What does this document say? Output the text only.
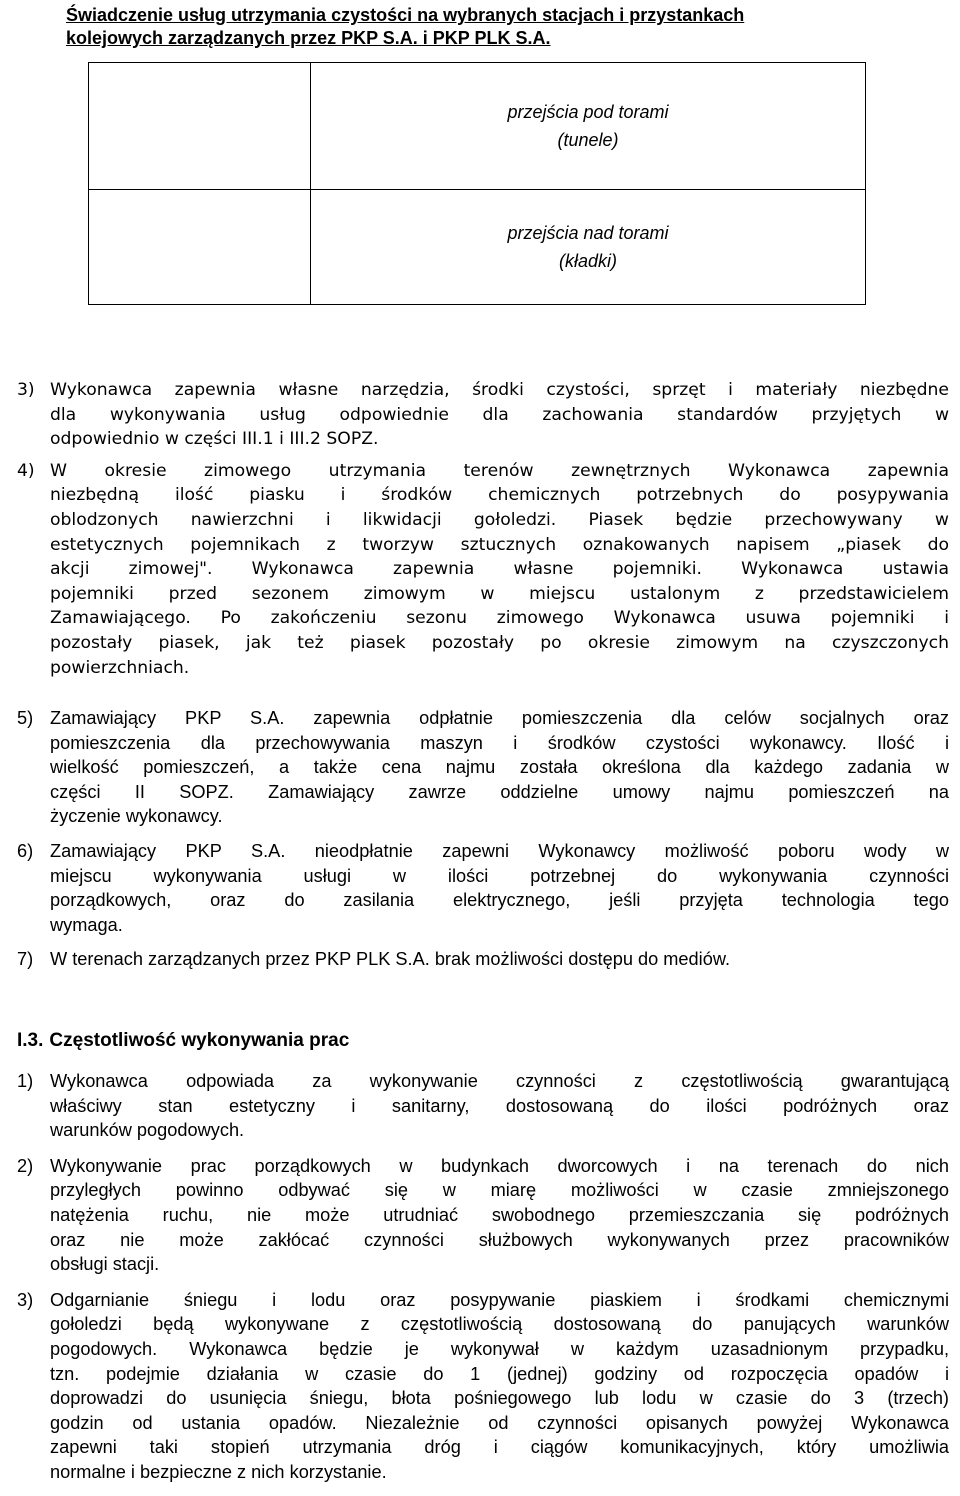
Świadczenie usług utrzymania czystości na wybranych stacjach i przystankach
kolejowych zarządzanych przez PKP S.A. i PKP PLK S.A.

	przejścia pod torami
(tunele)

	przejścia nad torami
(kładki)
3) Wykonawca zapewnia własne narzędzia, środki czystości, sprzęt i materiały niezbędne
dla wykonywania usług odpowiednie dla zachowania standardów przyjętych w
odpowiednio w części III.1 i III.2 SOPZ.
4) W okresie zimowego utrzymania terenów zewnętrznych Wykonawca zapewnia
niezbędną ilość piasku i środków chemicznych potrzebnych do posypywania
oblodzonych nawierzchni i likwidacji gołoledzi. Piasek będzie przechowywany w
estetycznych pojemnikach z tworzyw sztucznych oznakowanych napisem „piasek do
akcji zimowej". Wykonawca zapewnia własne pojemniki. Wykonawca ustawia
pojemniki przed sezonem zimowym w miejscu ustalonym z przedstawicielem
Zamawiającego. Po zakończeniu sezonu zimowego Wykonawca usuwa pojemniki i
pozostały piasek, jak też piasek pozostały po okresie zimowym na czyszczonych
powierzchniach.
5) Zamawiający PKP S.A. zapewnia odpłatnie pomieszczenia dla celów socjalnych oraz
pomieszczenia dla przechowywania maszyn i środków czystości wykonawcy. Ilość i
wielkość pomieszczeń, a także cena najmu została określona dla każdego zadania w
części II SOPZ. Zamawiający zawrze oddzielne umowy najmu pomieszczeń na
życzenie wykonawcy.
6) Zamawiający PKP S.A. nieodpłatnie zapewni Wykonawcy możliwość poboru wody w
miejscu wykonywania usługi w ilości potrzebnej do wykonywania czynności
porządkowych, oraz do zasilania elektrycznego, jeśli przyjęta technologia tego
wymaga.
7) W terenach zarządzanych przez PKP PLK S.A. brak możliwości dostępu do mediów.
I.3. Częstotliwość wykonywania prac
1) Wykonawca odpowiada za wykonywanie czynności z częstotliwością gwarantującą
właściwy stan estetyczny i sanitarny, dostosowaną do ilości podróżnych oraz
warunków pogodowych.
2) Wykonywanie prac porządkowych w budynkach dworcowych i na terenach do nich
przyległych powinno odbywać się w miarę możliwości w czasie zmniejszonego
natężenia ruchu, nie może utrudniać swobodnego przemieszczania się podróżnych
oraz nie może zakłócać czynności służbowych wykonywanych przez pracowników
obsługi stacji.
3) Odgarnianie śniegu i lodu oraz posypywanie piaskiem i środkami chemicznymi
gołoledzi będą wykonywane z częstotliwością dostosowaną do panujących warunków
pogodowych. Wykonawca będzie je wykonywał w każdym uzasadnionym przypadku,
tzn. podejmie działania w czasie do 1 (jednej) godziny od rozpoczęcia opadów i
doprowadzi do usunięcia śniegu, błota pośniegowego lub lodu w czasie do 3 (trzech)
godzin od ustania opadów. Niezależnie od czynności opisanych powyżej Wykonawca
zapewni taki stopień utrzymania dróg i ciągów komunikacyjnych, który umożliwia
normalne i bezpieczne z nich korzystanie.
